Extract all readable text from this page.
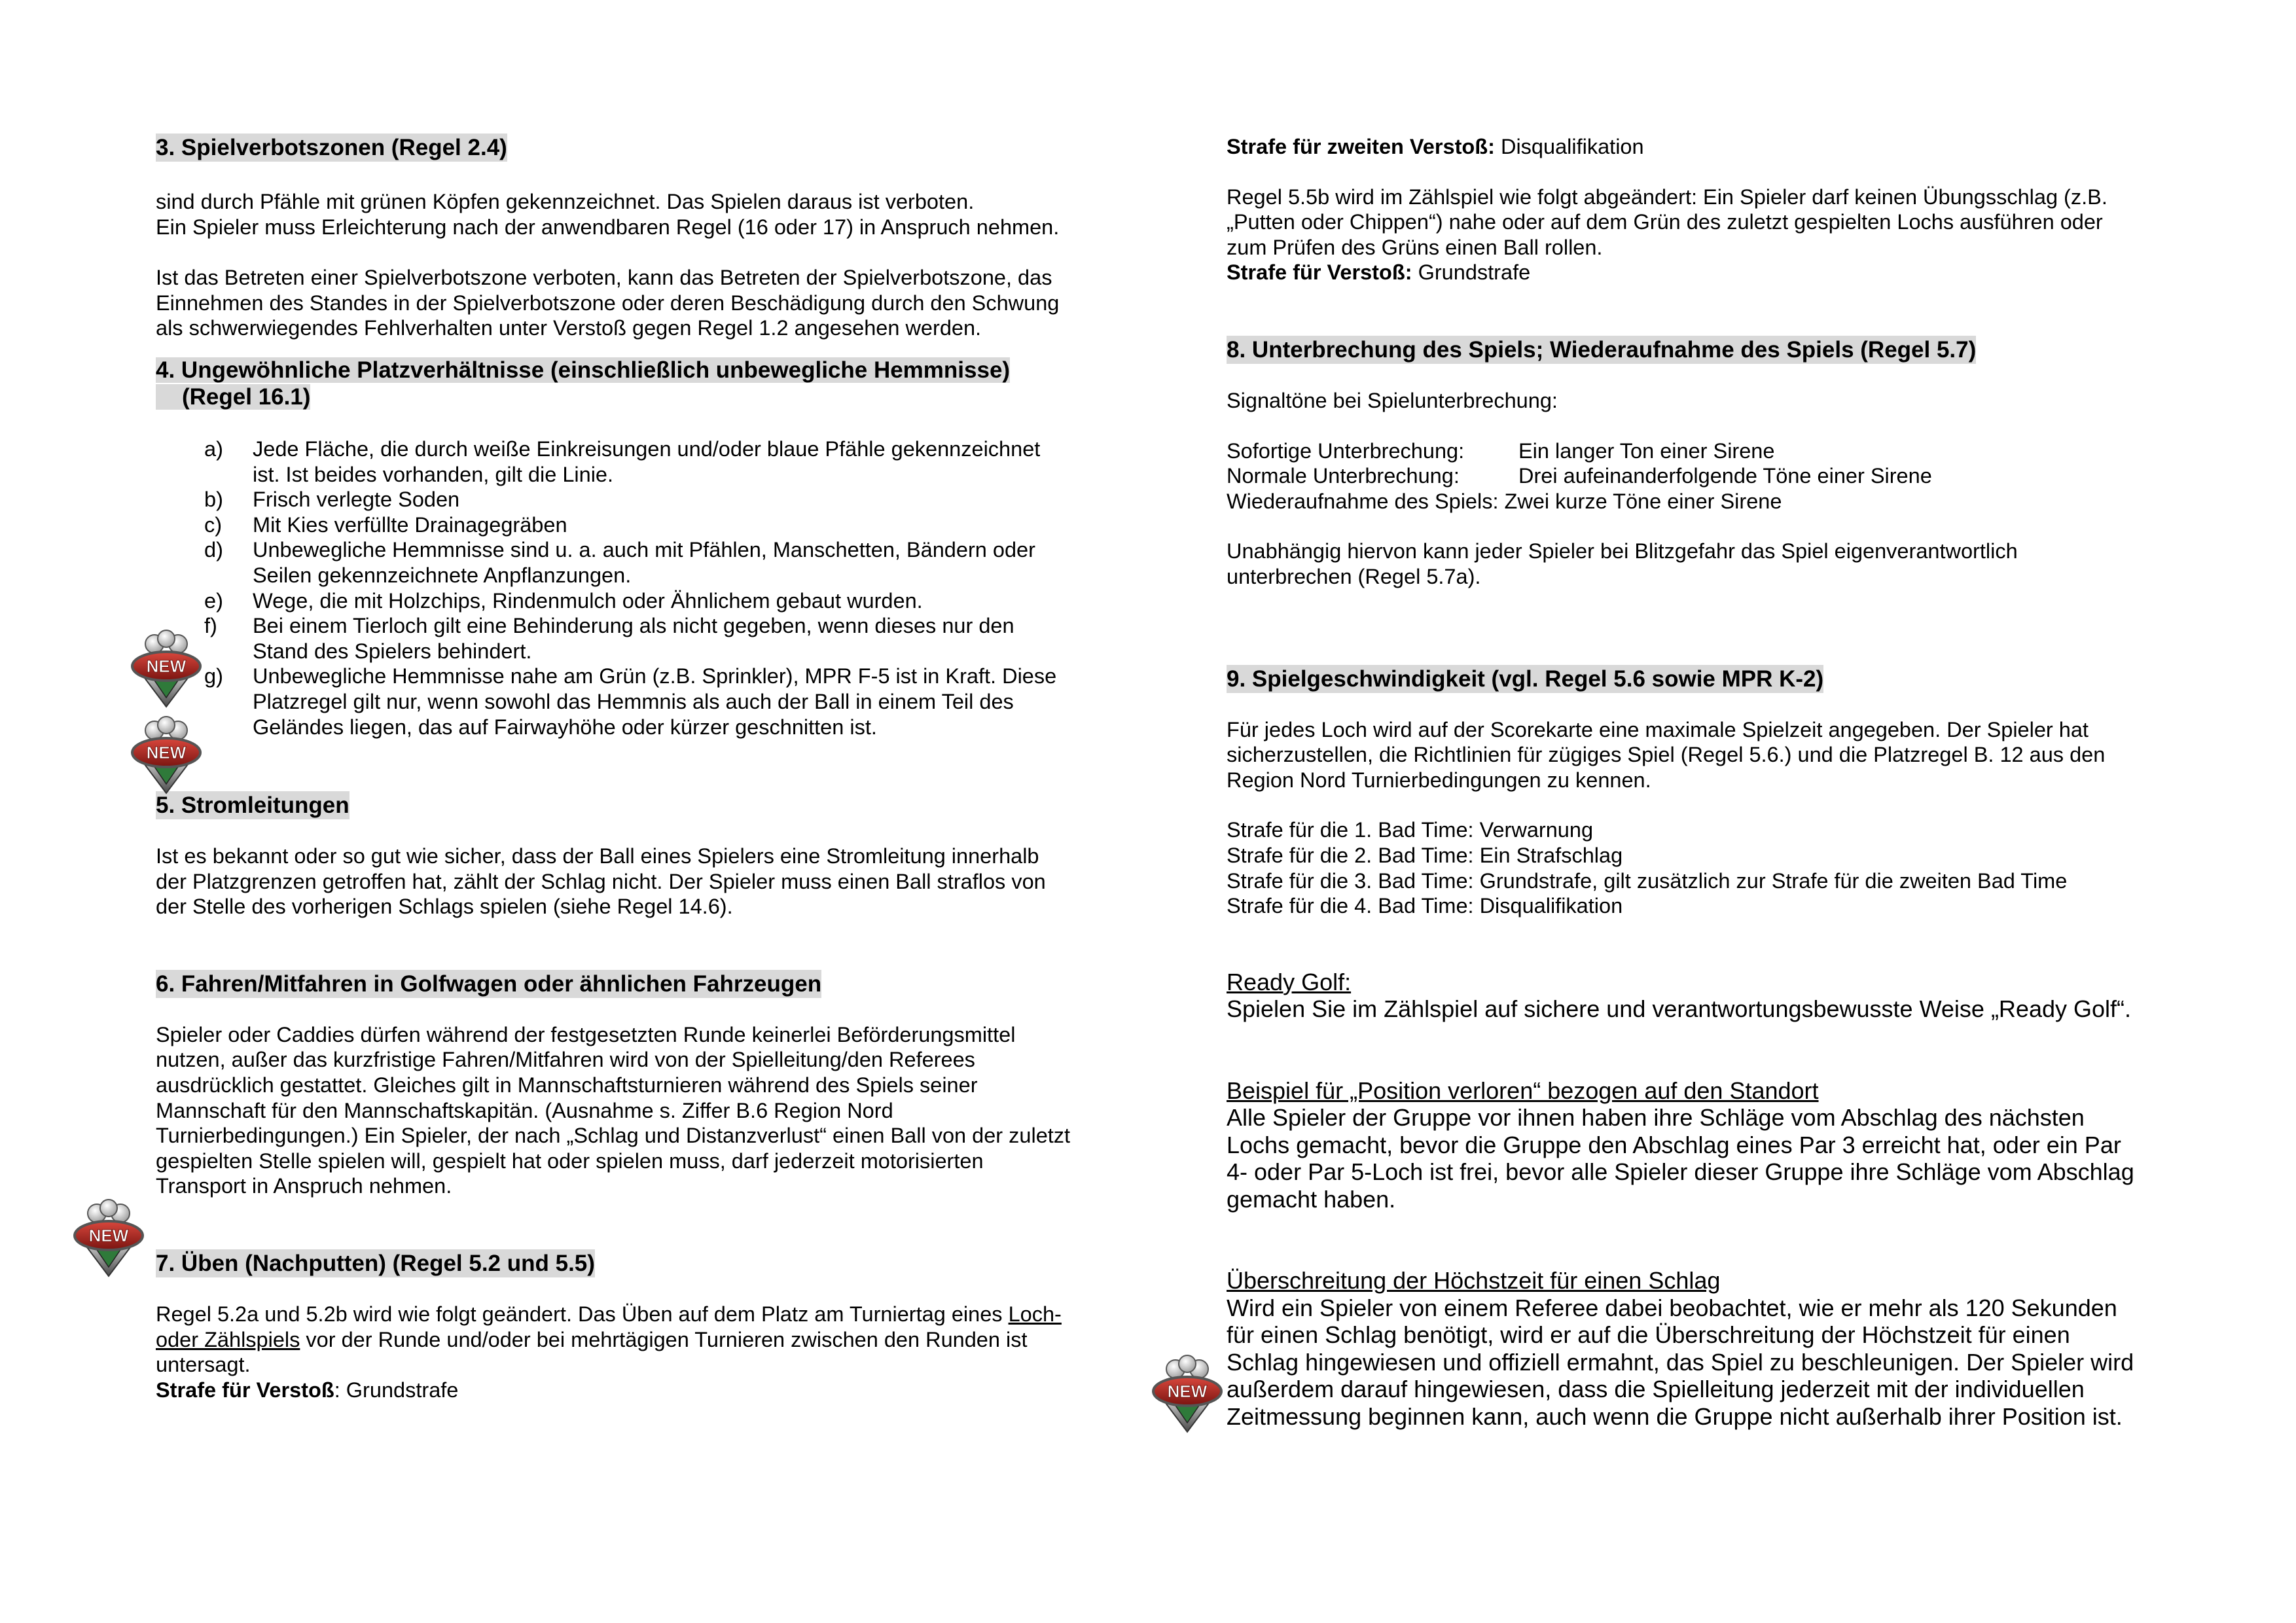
3. Spielverbotszonen (Regel 2.4)

sind durch Pfähle mit grünen Köpfen gekennzeichnet. Das Spielen daraus ist verboten.

Ein Spieler muss Erleichterung nach der anwendbaren Regel (16 oder 17) in Anspruch nehmen.

Ist das Betreten einer Spielverbotszone verboten, kann das Betreten der Spielverbotszone, das Einnehmen des Standes in der Spielverbotszone oder deren Beschädigung durch den Schwung als schwerwiegendes Fehlverhalten unter Verstoß gegen Regel 1.2 angesehen werden.

4. Ungewöhnliche Platzverhältnisse (einschließlich unbewegliche Hemmnisse)
(Regel 16.1)
a)	Jede Fläche, die durch weiße Einkreisungen und/oder blaue Pfähle gekennzeichnet ist. Ist beides vorhanden, gilt die Linie.
b)	Frisch verlegte Soden
c)	Mit Kies verfüllte Drainagegräben
d)	Unbewegliche Hemmnisse sind u. a. auch mit Pfählen, Manschetten, Bändern oder Seilen gekennzeichnete Anpflanzungen.
e)	Wege, die mit Holzchips, Rindenmulch oder Ähnlichem gebaut wurden.
f)	Bei einem Tierloch gilt eine Behinderung als nicht gegeben, wenn dieses nur den Stand des Spielers behindert.
g)	Unbewegliche Hemmnisse nahe am Grün (z.B. Sprinkler), MPR F-5 ist in Kraft. Diese Platzregel gilt nur, wenn sowohl das Hemmnis als auch der Ball in einem Teil des Geländes liegen, das auf Fairwayhöhe oder kürzer geschnitten ist.

5. Stromleitungen

Ist es bekannt oder so gut wie sicher, dass der Ball eines Spielers eine Stromleitung innerhalb der Platzgrenzen getroffen hat, zählt der Schlag nicht. Der Spieler muss einen Ball straflos von der Stelle des vorherigen Schlags spielen (siehe Regel 14.6).

6. Fahren/Mitfahren in Golfwagen oder ähnlichen Fahrzeugen

Spieler oder Caddies dürfen während der festgesetzten Runde keinerlei Beförderungsmittel nutzen, außer das kurzfristige Fahren/Mitfahren wird von der Spielleitung/den Referees ausdrücklich gestattet. Gleiches gilt in Mannschaftsturnieren während des Spiels seiner Mannschaft für den Mannschaftskapitän. (Ausnahme s. Ziffer B.6 Region Nord Turnierbedingungen.) Ein Spieler, der nach „Schlag und Distanzverlust“ einen Ball von der zuletzt gespielten Stelle spielen will, gespielt hat oder spielen muss, darf jederzeit motorisierten Transport in Anspruch nehmen.

7. Üben (Nachputten) (Regel 5.2 und 5.5)

Regel 5.2a und 5.2b wird wie folgt geändert. Das Üben auf dem Platz am Turniertag eines Loch- oder Zählspiels vor der Runde und/oder bei mehrtägigen Turnieren zwischen den Runden ist untersagt.

Strafe für Verstoß: Grundstrafe

Strafe für zweiten Verstoß: Disqualifikation

Regel 5.5b wird im Zählspiel wie folgt abgeändert: Ein Spieler darf keinen Übungsschlag (z.B. „Putten oder Chippen“) nahe oder auf dem Grün des zuletzt gespielten Lochs ausführen oder zum Prüfen des Grüns einen Ball rollen.

Strafe für Verstoß: Grundstrafe

8. Unterbrechung des Spiels; Wiederaufnahme des Spiels (Regel 5.7)

Signaltöne bei Spielunterbrechung:

Sofortige Unterbrechung:	Ein langer Ton einer Sirene
Normale Unterbrechung:	Drei aufeinanderfolgende Töne einer Sirene

Wiederaufnahme des Spiels: Zwei kurze Töne einer Sirene

Unabhängig hiervon kann jeder Spieler bei Blitzgefahr das Spiel eigenverantwortlich unterbrechen (Regel 5.7a).

9. Spielgeschwindigkeit (vgl. Regel 5.6 sowie MPR K-2)

Für jedes Loch wird auf der Scorekarte eine maximale Spielzeit angegeben. Der Spieler hat sicherzustellen, die Richtlinien für zügiges Spiel (Regel 5.6.) und die Platzregel B. 12 aus den Region Nord Turnierbedingungen zu kennen.

Strafe für die 1. Bad Time: Verwarnung

Strafe für die 2. Bad Time: Ein Strafschlag

Strafe für die 3. Bad Time: Grundstrafe, gilt zusätzlich zur Strafe für die zweiten Bad Time

Strafe für die 4. Bad Time: Disqualifikation

Ready Golf:

Spielen Sie im Zählspiel auf sichere und verantwortungsbewusste Weise „Ready Golf“.

Beispiel für „Position verloren“ bezogen auf den Standort

Alle Spieler der Gruppe vor ihnen haben ihre Schläge vom Abschlag des nächsten Lochs gemacht, bevor die Gruppe den Abschlag eines Par 3 erreicht hat, oder ein Par 4- oder Par 5-Loch ist frei, bevor alle Spieler dieser Gruppe ihre Schläge vom Abschlag gemacht haben.

Überschreitung der Höchstzeit für einen Schlag

Wird ein Spieler von einem Referee dabei beobachtet, wie er mehr als 120 Sekunden für einen Schlag benötigt, wird er auf die Überschreitung der Höchstzeit für einen Schlag hingewiesen und offiziell ermahnt, das Spiel zu beschleunigen. Der Spieler wird außerdem darauf hingewiesen, dass die Spielleitung jederzeit mit der individuellen Zeitmessung beginnen kann, auch wenn die Gruppe nicht außerhalb ihrer Position ist.
